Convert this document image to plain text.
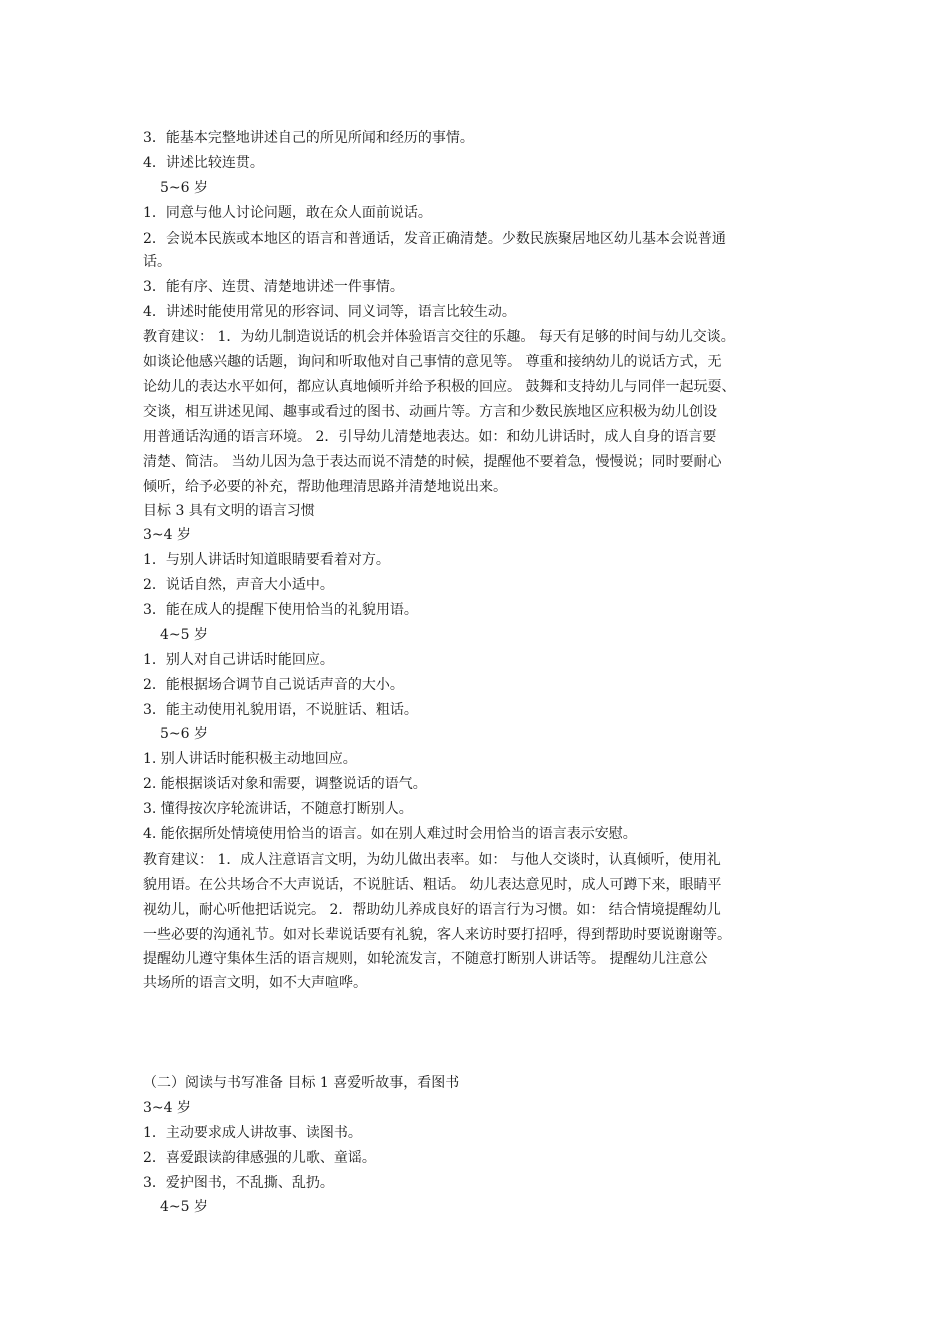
3．能基本完整地讲述自己的所见所闻和经历的事情。

4．讲述比较连贯。

5~6 岁

1．同意与他人讨论问题，敢在众人面前说话。

2．会说本民族或本地区的语言和普通话，发音正确清楚。少数民族聚居地区幼儿基本会说普通

话。

3．能有序、连贯、清楚地讲述一件事情。

4．讲述时能使用常见的形容词、同义词等，语言比较生动。

教育建议： 1．为幼儿制造说话的机会并体验语言交往的乐趣。 每天有足够的时间与幼儿交谈。

如谈论他感兴趣的话题，询问和听取他对自己事情的意见等。 尊重和接纳幼儿的说话方式，无

论幼儿的表达水平如何，都应认真地倾听并给予积极的回应。 鼓舞和支持幼儿与同伴一起玩耍、

交谈，相互讲述见闻、趣事或看过的图书、动画片等。方言和少数民族地区应积极为幼儿创设

用普通话沟通的语言环境。 2．引导幼儿清楚地表达。如：和幼儿讲话时，成人自身的语言要

清楚、简洁。 当幼儿因为急于表达而说不清楚的时候，提醒他不要着急，慢慢说；同时要耐心

倾听，给予必要的补充，帮助他理清思路并清楚地说出来。

目标 3 具有文明的语言习惯

3~4 岁

1．与别人讲话时知道眼睛要看着对方。

2．说话自然，声音大小适中。

3．能在成人的提醒下使用恰当的礼貌用语。

4~5 岁

1．别人对自己讲话时能回应。

2．能根据场合调节自己说话声音的大小。

3．能主动使用礼貌用语，不说脏话、粗话。

5~6 岁

1. 别人讲话时能积极主动地回应。

2. 能根据谈话对象和需要，调整说话的语气。

3. 懂得按次序轮流讲话，不随意打断别人。

4. 能依据所处情境使用恰当的语言。如在别人难过时会用恰当的语言表示安慰。

教育建议： 1．成人注意语言文明，为幼儿做出表率。如： 与他人交谈时，认真倾听，使用礼

貌用语。在公共场合不大声说话，不说脏话、粗话。 幼儿表达意见时，成人可蹲下来，眼睛平

视幼儿，耐心听他把话说完。 2．帮助幼儿养成良好的语言行为习惯。如： 结合情境提醒幼儿

一些必要的沟通礼节。如对长辈说话要有礼貌，客人来访时要打招呼，得到帮助时要说谢谢等。

提醒幼儿遵守集体生活的语言规则，如轮流发言，不随意打断别人讲话等。 提醒幼儿注意公

共场所的语言文明，如不大声喧哗。

（二）阅读与书写准备 目标 1 喜爱听故事，看图书

3~4 岁

1．主动要求成人讲故事、读图书。

2．喜爱跟读韵律感强的儿歌、童谣。

3．爱护图书，不乱撕、乱扔。

4~5 岁
